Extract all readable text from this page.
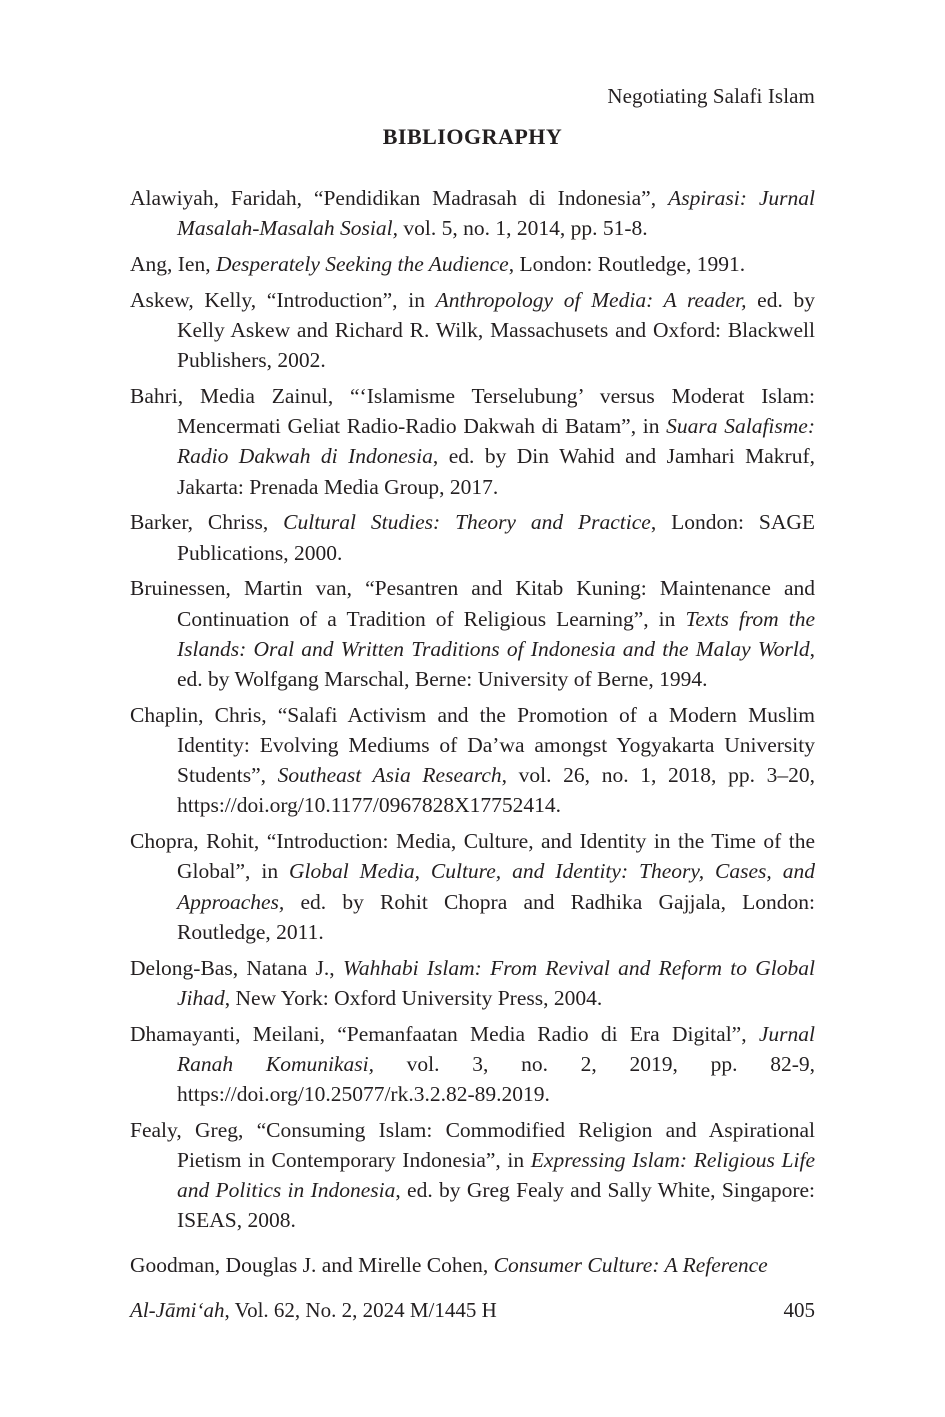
Negotiating Salafi Islam
BIBLIOGRAPHY
Alawiyah, Faridah, “Pendidikan Madrasah di Indonesia”, Aspirasi: Jurnal Masalah-Masalah Sosial, vol. 5, no. 1, 2014, pp. 51-8.
Ang, Ien, Desperately Seeking the Audience, London: Routledge, 1991.
Askew, Kelly, “Introduction”, in Anthropology of Media: A reader, ed. by Kelly Askew and Richard R. Wilk, Massachusets and Oxford: Blackwell Publishers, 2002.
Bahri, Media Zainul, “‘Islamisme Terselubung’ versus Moderat Islam: Mencermati Geliat Radio-Radio Dakwah di Batam”, in Suara Salafisme: Radio Dakwah di Indonesia, ed. by Din Wahid and Jamhari Makruf, Jakarta: Prenada Media Group, 2017.
Barker, Chriss, Cultural Studies: Theory and Practice, London: SAGE Publications, 2000.
Bruinessen, Martin van, “Pesantren and Kitab Kuning: Maintenance and Continuation of a Tradition of Religious Learning”, in Texts from the Islands: Oral and Written Traditions of Indonesia and the Malay World, ed. by Wolfgang Marschal, Berne: University of Berne, 1994.
Chaplin, Chris, “Salafi Activism and the Promotion of a Modern Muslim Identity: Evolving Mediums of Da’wa amongst Yogyakarta University Students”, Southeast Asia Research, vol. 26, no. 1, 2018, pp. 3–20, https://doi.org/10.1177/0967828X17752414.
Chopra, Rohit, “Introduction: Media, Culture, and Identity in the Time of the Global”, in Global Media, Culture, and Identity: Theory, Cases, and Approaches, ed. by Rohit Chopra and Radhika Gajjala, London: Routledge, 2011.
Delong-Bas, Natana J., Wahhabi Islam: From Revival and Reform to Global Jihad, New York: Oxford University Press, 2004.
Dhamayanti, Meilani, “Pemanfaatan Media Radio di Era Digital”, Jurnal Ranah Komunikasi, vol. 3, no. 2, 2019, pp. 82-9, https://doi.org/10.25077/rk.3.2.82-89.2019.
Fealy, Greg, “Consuming Islam: Commodified Religion and Aspirational Pietism in Contemporary Indonesia”, in Expressing Islam: Religious Life and Politics in Indonesia, ed. by Greg Fealy and Sally White, Singapore: ISEAS, 2008.
Goodman, Douglas J. and Mirelle Cohen, Consumer Culture: A Reference
Al-Jāmi‘ah, Vol. 62, No. 2, 2024 M/1445 H	405
